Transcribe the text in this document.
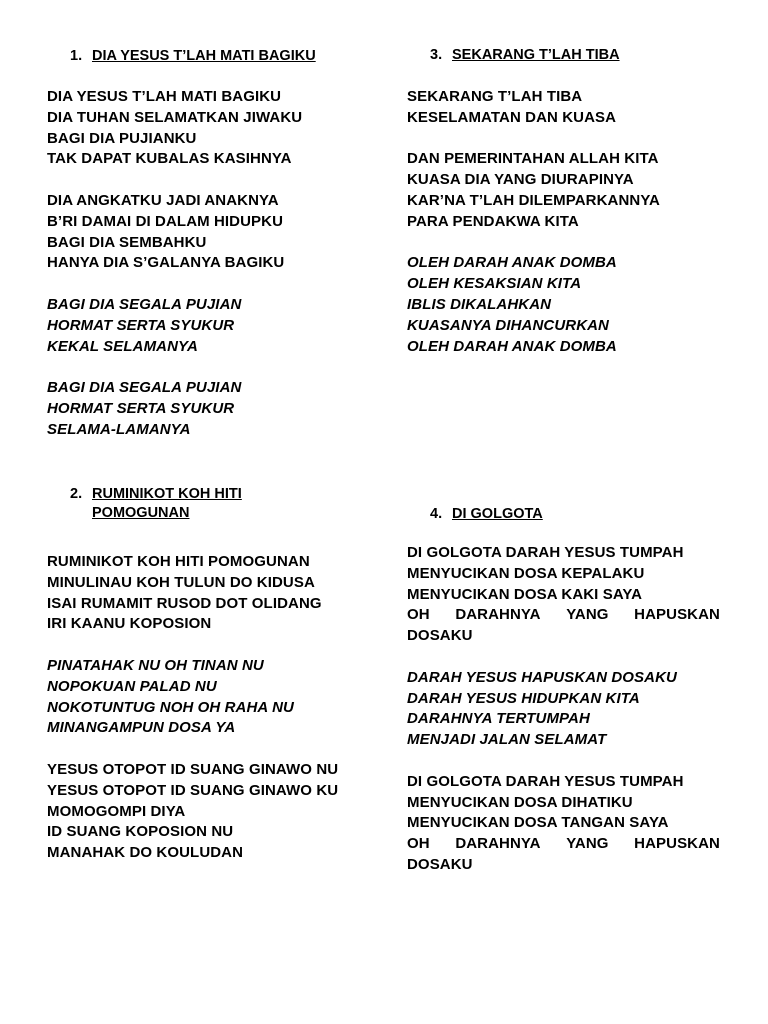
1. DIA YESUS T’LAH MATI BAGIKU
DIA YESUS T’LAH MATI BAGIKU
DIA TUHAN SELAMATKAN JIWAKU
BAGI DIA PUJIANKU
TAK DAPAT KUBALAS KASIHNYA
DIA ANGKATKU JADI ANAKNYA
B’RI DAMAI DI DALAM HIDUPKU
BAGI DIA SEMBAHKU
HANYA DIA S’GALANYA BAGIKU
BAGI DIA SEGALA PUJIAN
HORMAT SERTA SYUKUR
KEKAL SELAMANYA
BAGI DIA SEGALA PUJIAN
HORMAT SERTA SYUKUR
SELAMA-LAMANYA
3. SEKARANG T’LAH TIBA
SEKARANG T’LAH TIBA
KESELAMATAN DAN KUASA
DAN PEMERINTAHAN ALLAH KITA
KUASA DIA YANG DIURAPINYA
KAR’NA T’LAH DILEMPARKANNYA
PARA PENDAKWA KITA
OLEH DARAH ANAK DOMBA
OLEH KESAKSIAN KITA
IBLIS DIKALAHKAN
KUASANYA DIHANCURKAN
OLEH DARAH ANAK DOMBA
2. RUMINIKOT KOH HITI POMOGUNAN
RUMINIKOT KOH HITI POMOGUNAN
MINULINAU KOH TULUN DO KIDUSA
ISAI RUMAMIT RUSOD DOT OLIDANG
IRI KAANU KOPOSION
PINATAHAK NU OH TINAN NU
NOPOKUAN PALAD NU
NOKOTUNTUG NOH OH RAHA NU
MINANGAMPUN DOSA YA
YESUS OTOPOT ID SUANG GINAWO NU
YESUS OTOPOT ID SUANG GINAWO KU
MOMOGOMPI DIYA
ID SUANG KOPOSION NU
MANAHAK DO KOULUDAN
4. DI GOLGOTA
DI GOLGOTA DARAH YESUS TUMPAH
MENYUCIKAN DOSA KEPALAKU
MENYUCIKAN DOSA KAKI SAYA
OH DARAHNYA YANG HAPUSKAN
DOSAKU
DARAH YESUS HAPUSKAN DOSAKU
DARAH YESUS HIDUPKAN KITA
DARAHNYA TERTUMPAH
MENJADI JALAN SELAMAT
DI GOLGOTA DARAH YESUS TUMPAH
MENYUCIKAN DOSA DIHATIKU
MENYUCIKAN DOSA TANGAN SAYA
OH DARAHNYA YANG HAPUSKAN
DOSAKU
